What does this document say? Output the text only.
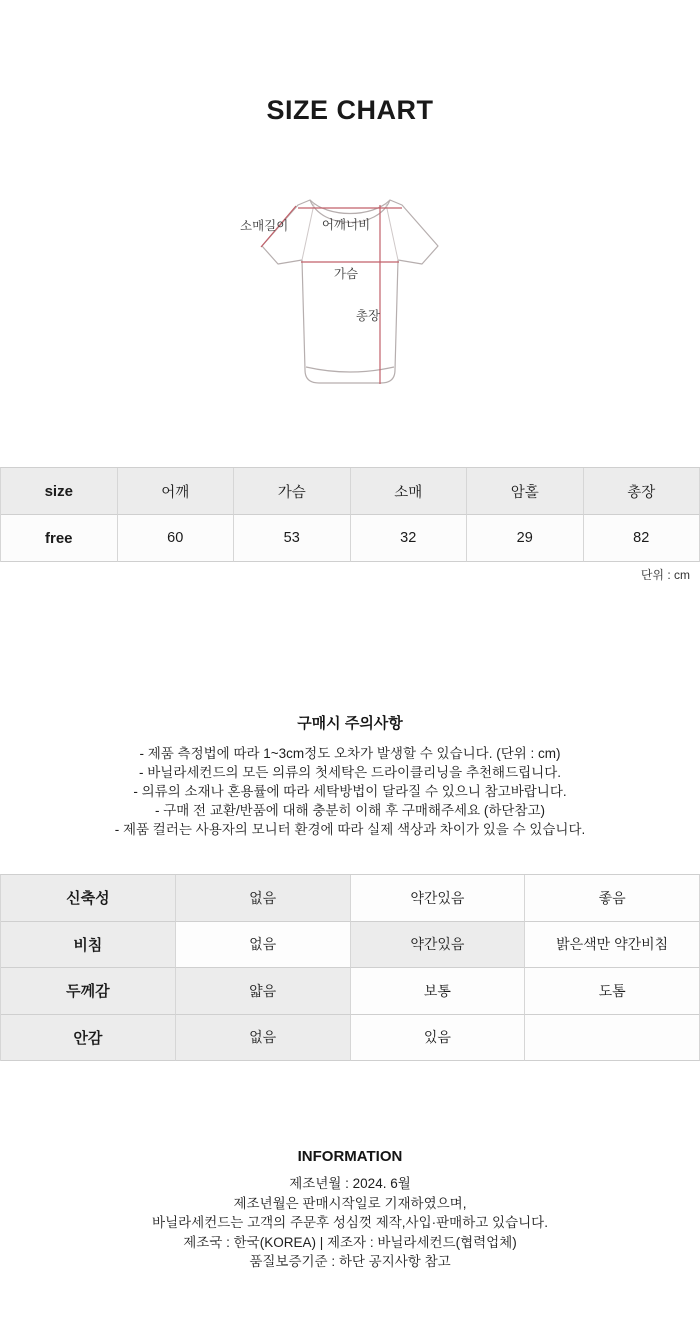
SIZE CHART
소매길이	어깨너비
가슴
총장
size	어깨	가슴	소매	암홀	총장
free	60	53	32	29	82
단위 : cm
구매시 주의사항
- 제품 측정법에 따라 1~3cm정도 오차가 발생할 수 있습니다. (단위 : cm)
- 바닐라세컨드의 모든 의류의 첫세탁은 드라이클리닝을 추천해드립니다.
- 의류의 소재나 혼용률에 따라 세탁방법이 달라질 수 있으니 참고바랍니다.
- 구매 전 교환/반품에 대해 충분히 이해 후 구매해주세요 (하단참고)
- 제품 컬러는 사용자의 모니터 환경에 따라 실제 색상과 차이가 있을 수 있습니다.
신축성	없음	약간있음	좋음
비침	없음	약간있음	밝은색만 약간비침
두께감	얇음	보통	도톰
안감	없음	있음
INFORMATION
제조년월 : 2024. 6월
제조년월은 판매시작일로 기재하였으며,
바닐라세컨드는 고객의 주문후 성심껏 제작,사입·판매하고 있습니다.
제조국 : 한국(KOREA) | 제조자 : 바닐라세컨드(협력업체)
품질보증기준 : 하단 공지사항 참고
